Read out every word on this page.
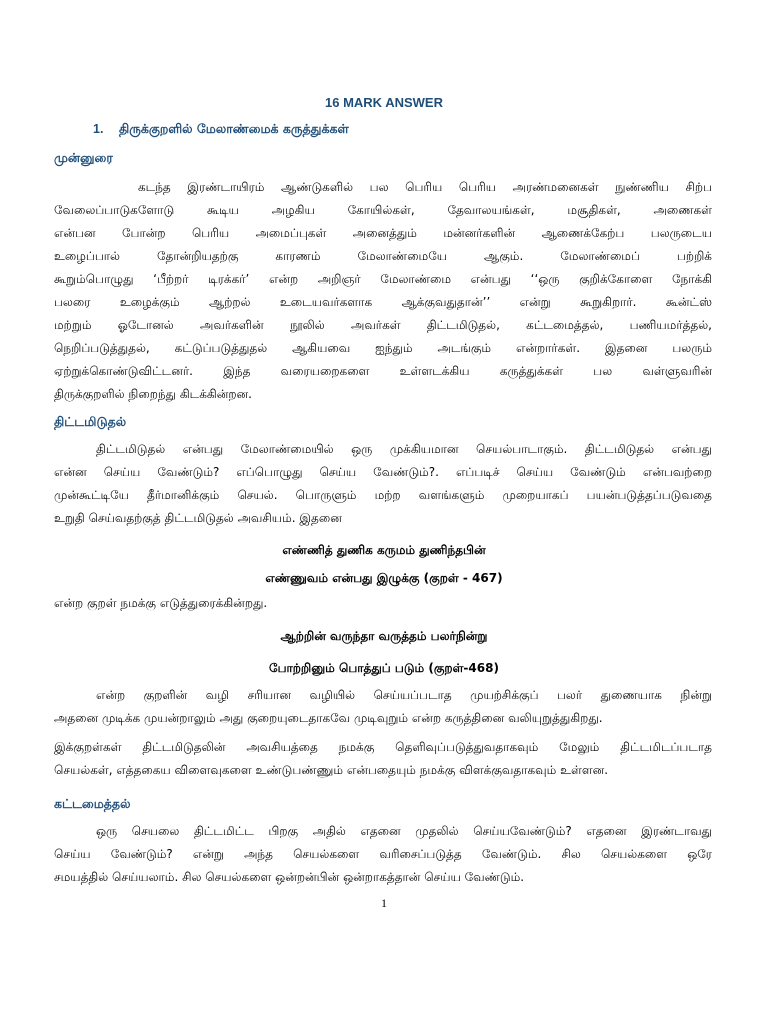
16 MARK ANSWER
1. திருக்குறளில் மேலாண்மைக் கருத்துக்கள்
முன்னுரை
கடந்த இரண்டாயிரம் ஆண்டுகளில் பல பெரிய பெரிய அரண்மனைகள் நுண்ணிய சிற்ப
வேலைப்பாடுகளோடு கூடிய அழகிய கோயில்கள், தேவாலயங்கள், மசூதிகள், அணைகள்
என்பன போன்ற பெரிய அமைப்புகள் அனைத்தும் மன்னர்களின் ஆணைக்கேற்ப பலருடைய
உழைப்பால் தோன்றியதற்கு காரணம் மேலாண்மையே ஆகும். மேலாண்மைப் பற்றிக்
கூறும்பொழுது ‘பீற்றர் டிரக்கர்’ என்ற அறிஞர் மேலாண்மை என்பது ‘‘ஒரு குறிக்கோளை நோக்கி
பலரை உழைக்கும் ஆற்றல் உடையவர்களாக ஆக்குவதுதான்’’ என்று கூறுகிறார். கூன்ட்ஸ்
மற்றும் ஓடோனல் அவர்களின் நூலில் அவர்கள் திட்டமிடுதல், கட்டமைத்தல், பணியமர்த்தல்,
நெறிப்படுத்துதல், கட்டுப்படுத்துதல் ஆகியவை ஐந்தும் அடங்கும் என்றார்கள். இதனை பலரும்
ஏற்றுக்கொண்டுவிட்டனர். இந்த வரையறைகளை உள்ளடக்கிய கருத்துக்கள் பல வள்ளுவரின்
திருக்குறளில் நிறைந்து கிடக்கின்றன.
திட்டமிடுதல்
திட்டமிடுதல் என்பது மேலாண்மையில் ஒரு முக்கியமான செயல்பாடாகும். திட்டமிடுதல் என்பது
என்ன செய்ய வேண்டும்? எப்பொழுது செய்ய வேண்டும்?. எப்படிச் செய்ய வேண்டும் என்பவற்றை
முன்கூட்டியே தீர்மானிக்கும் செயல். பொருளும் மற்ற வளங்களும் முறையாகப் பயன்படுத்தப்படுவதை
உறுதி செய்வதற்குத் திட்டமிடுதல் அவசியம். இதனை
எண்ணித் துணிக கருமம் துணிந்தபின்
எண்ணுவம் என்பது இழுக்கு (குறள் - 467)
என்ற குறள் நமக்கு எடுத்துரைக்கின்றது.
ஆற்றின் வருந்தா வருத்தம் பலர்நின்று
போற்றினும் பொத்துப் படும் (குறள்-468)
என்ற குறளின் வழி சரியான வழியில் செய்யப்படாத முயற்சிக்குப் பலர் துணையாக நின்று
அதனை முடிக்க முயன்றாலும் அது குறையுடைதாகவே முடிவுறும் என்ற கருத்தினை வலியுறுத்துகிறது.
இக்குறள்கள் திட்டமிடுதலின் அவசியத்தை நமக்கு தெளிவுப்படுத்துவதாகவும் மேலும் திட்டமிடப்படாத
செயல்கள், எத்தகைய விளைவுகளை உண்டுபண்ணும் என்பதையும் நமக்கு விளக்குவதாகவும் உள்ளன.
கட்டமைத்தல்
ஒரு செயலை திட்டமிட்ட பிறகு அதில் எதனை முதலில் செய்யவேண்டும்? எதனை இரண்டாவது
செய்ய வேண்டும்? என்று அந்த செயல்களை வரிசைப்படுத்த வேண்டும். சில செயல்களை ஒரே
சமயத்தில் செய்யலாம். சில செயல்களை ஒன்றன்பின் ஒன்றாகத்தான் செய்ய வேண்டும்.
1
